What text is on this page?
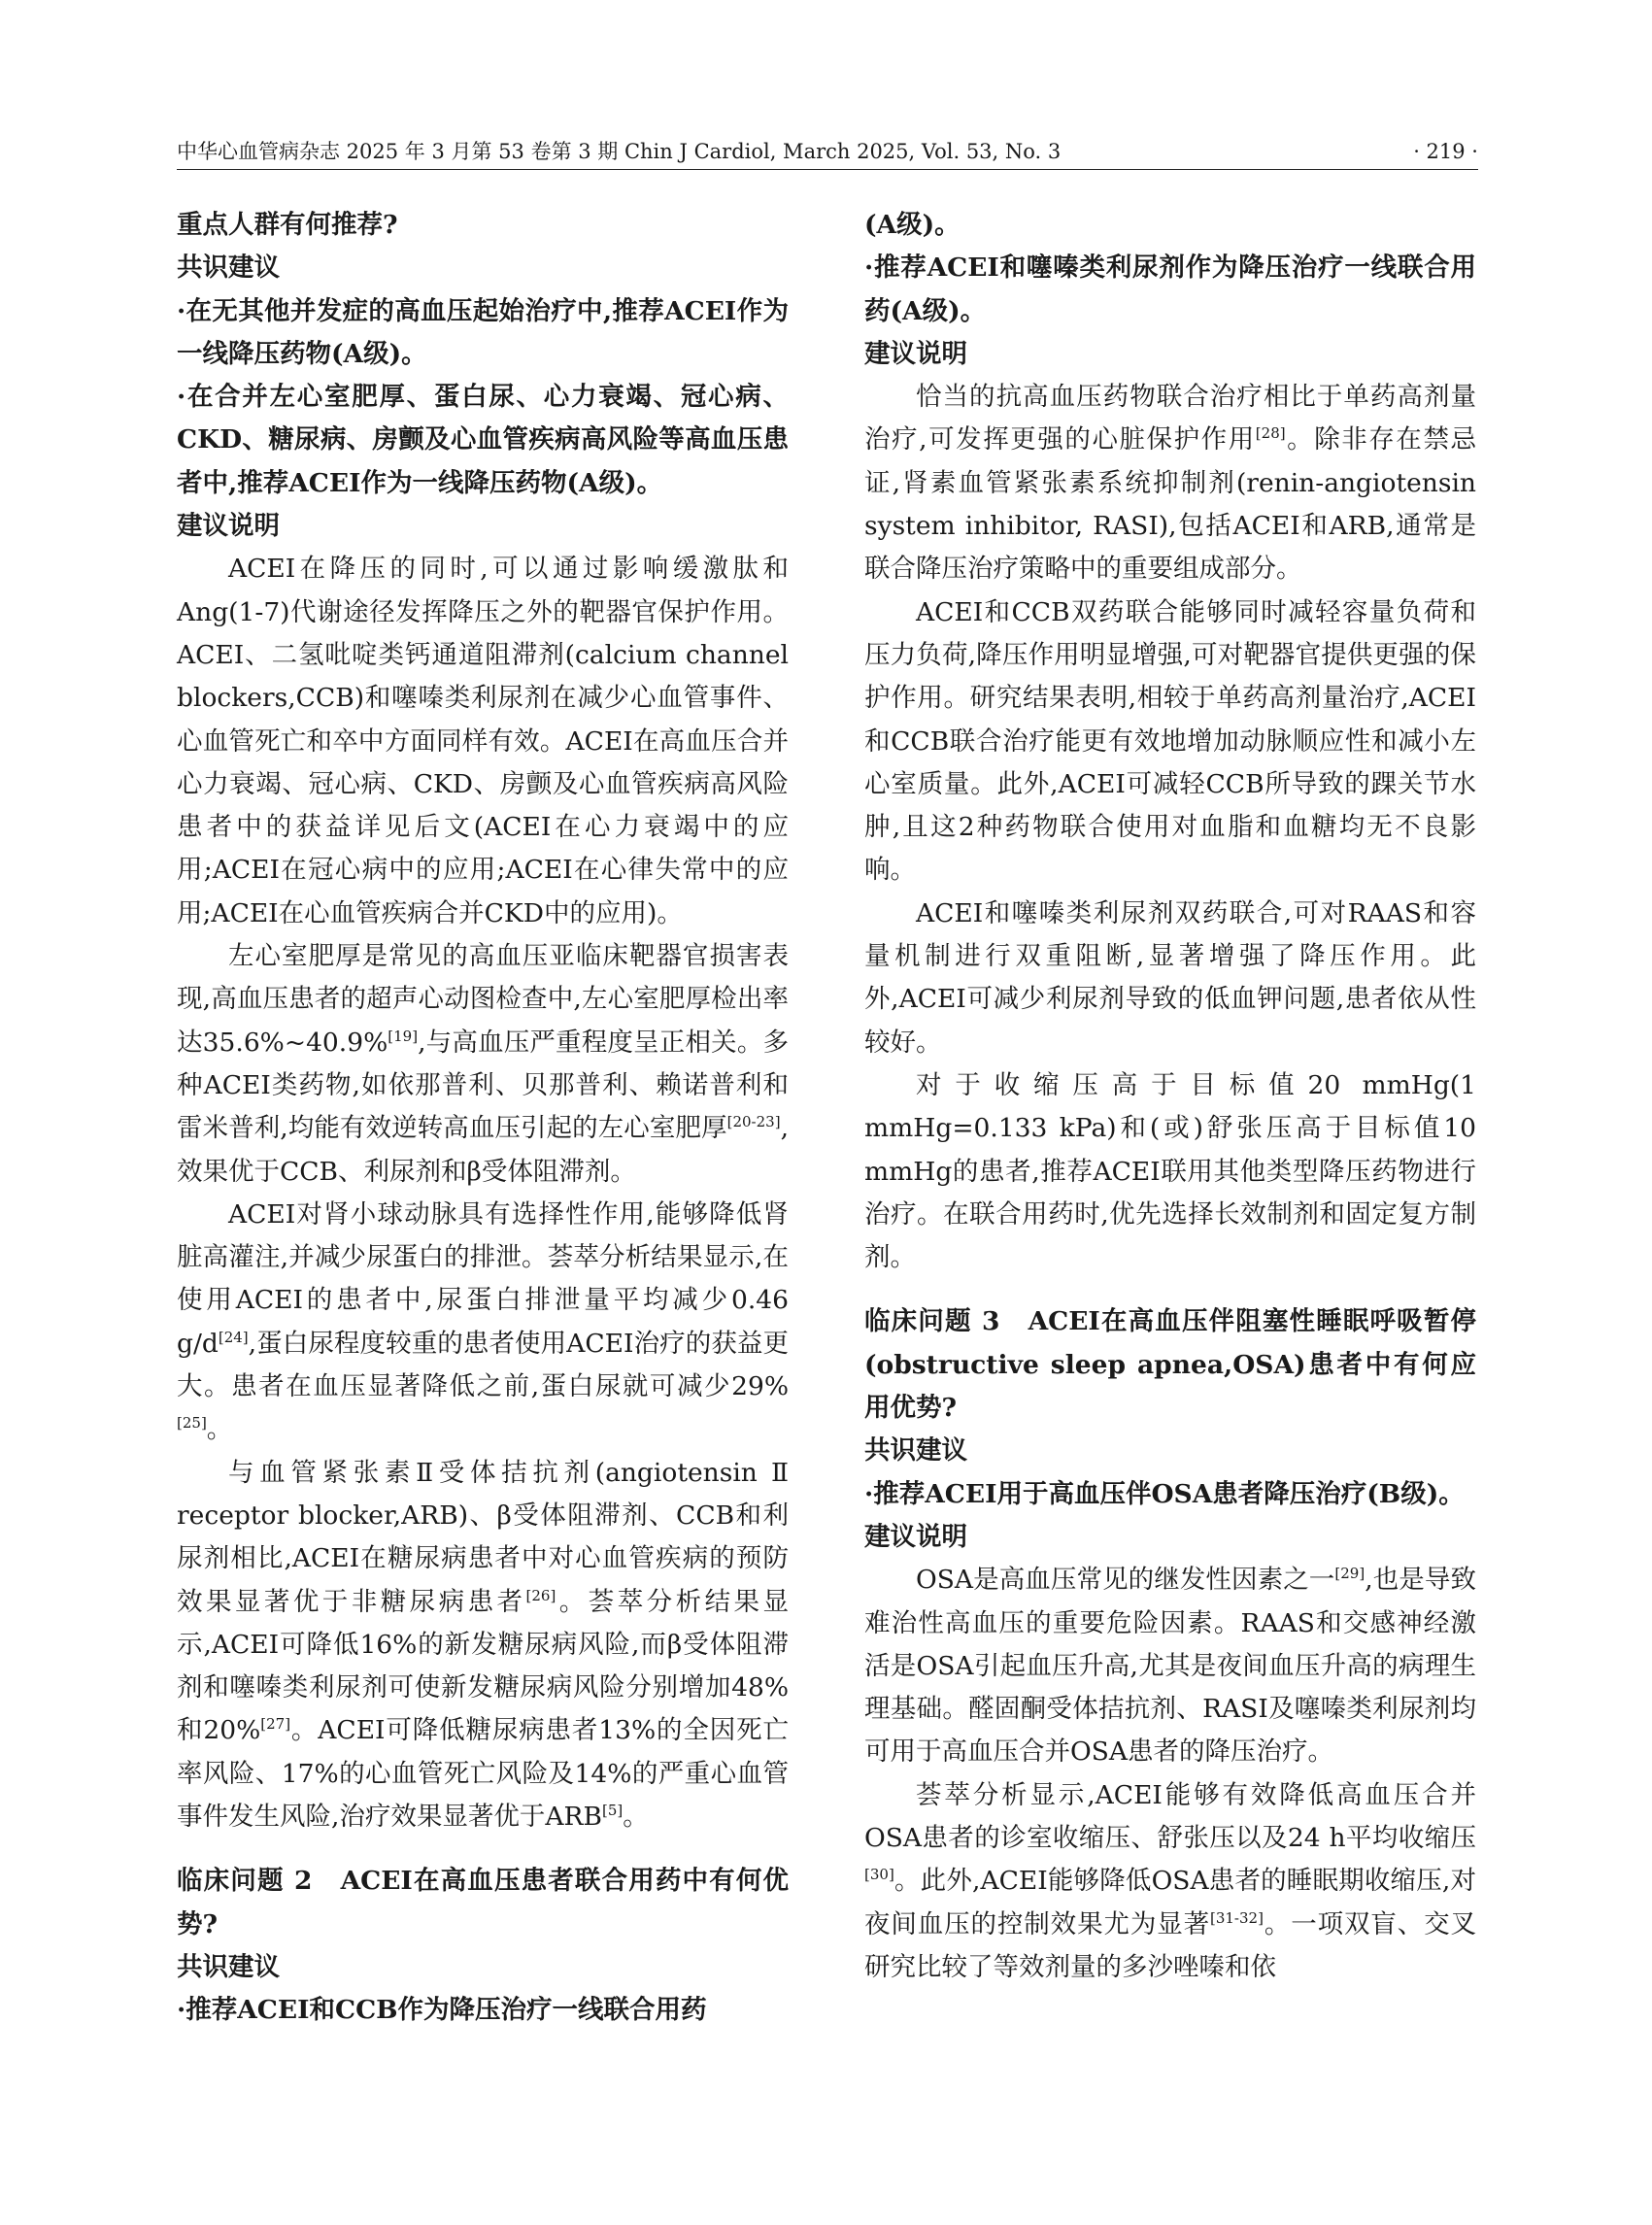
中华心血管病杂志 2025 年 3 月第 53 卷第 3 期 Chin J Cardiol, March 2025, Vol. 53, No. 3	· 219 ·

重点人群有何推荐?

共识建议

·在无其他并发症的高血压起始治疗中,推荐ACEI作为一线降压药物(A级)。

·在合并左心室肥厚、蛋白尿、心力衰竭、冠心病、CKD、糖尿病、房颤及心血管疾病高风险等高血压患者中,推荐ACEI作为一线降压药物(A级)。

建议说明

ACEI在降压的同时,可以通过影响缓激肽和Ang(1-7)代谢途径发挥降压之外的靶器官保护作用。ACEI、二氢吡啶类钙通道阻滞剂(calcium channel blockers,CCB)和噻嗪类利尿剂在减少心血管事件、心血管死亡和卒中方面同样有效。ACEI在高血压合并心力衰竭、冠心病、CKD、房颤及心血管疾病高风险患者中的获益详见后文(ACEI在心力衰竭中的应用;ACEI在冠心病中的应用;ACEI在心律失常中的应用;ACEI在心血管疾病合并CKD中的应用)。

左心室肥厚是常见的高血压亚临床靶器官损害表现,高血压患者的超声心动图检查中,左心室肥厚检出率达35.6%~40.9%[19],与高血压严重程度呈正相关。多种ACEI类药物,如依那普利、贝那普利、赖诺普利和雷米普利,均能有效逆转高血压引起的左心室肥厚[20-23],效果优于CCB、利尿剂和β受体阻滞剂。

ACEI对肾小球动脉具有选择性作用,能够降低肾脏高灌注,并减少尿蛋白的排泄。荟萃分析结果显示,在使用ACEI的患者中,尿蛋白排泄量平均减少0.46 g/d[24],蛋白尿程度较重的患者使用ACEI治疗的获益更大。患者在血压显著降低之前,蛋白尿就可减少29%[25]。

与血管紧张素Ⅱ受体拮抗剂(angiotensin Ⅱ receptor blocker,ARB)、β受体阻滞剂、CCB和利尿剂相比,ACEI在糖尿病患者中对心血管疾病的预防效果显著优于非糖尿病患者[26]。荟萃分析结果显示,ACEI可降低16%的新发糖尿病风险,而β受体阻滞剂和噻嗪类利尿剂可使新发糖尿病风险分别增加48%和20%[27]。ACEI可降低糖尿病患者13%的全因死亡率风险、17%的心血管死亡风险及14%的严重心血管事件发生风险,治疗效果显著优于ARB[5]。

临床问题 2 ACEI在高血压患者联合用药中有何优势?

共识建议

·推荐ACEI和CCB作为降压治疗一线联合用药

(A级)。

·推荐ACEI和噻嗪类利尿剂作为降压治疗一线联合用药(A级)。

建议说明

恰当的抗高血压药物联合治疗相比于单药高剂量治疗,可发挥更强的心脏保护作用[28]。除非存在禁忌证,肾素血管紧张素系统抑制剂(renin-angiotensin system inhibitor, RASI),包括ACEI和ARB,通常是联合降压治疗策略中的重要组成部分。

ACEI和CCB双药联合能够同时减轻容量负荷和压力负荷,降压作用明显增强,可对靶器官提供更强的保护作用。研究结果表明,相较于单药高剂量治疗,ACEI和CCB联合治疗能更有效地增加动脉顺应性和减小左心室质量。此外,ACEI可减轻CCB所导致的踝关节水肿,且这2种药物联合使用对血脂和血糖均无不良影响。

ACEI和噻嗪类利尿剂双药联合,可对RAAS和容量机制进行双重阻断,显著增强了降压作用。此外,ACEI可减少利尿剂导致的低血钾问题,患者依从性较好。

对于收缩压高于目标值20 mmHg(1 mmHg=0.133 kPa)和(或)舒张压高于目标值10 mmHg的患者,推荐ACEI联用其他类型降压药物进行治疗。在联合用药时,优先选择长效制剂和固定复方制剂。

临床问题 3 ACEI在高血压伴阻塞性睡眠呼吸暂停(obstructive sleep apnea,OSA)患者中有何应用优势?

共识建议

·推荐ACEI用于高血压伴OSA患者降压治疗(B级)。

建议说明

OSA是高血压常见的继发性因素之一[29],也是导致难治性高血压的重要危险因素。RAAS和交感神经激活是OSA引起血压升高,尤其是夜间血压升高的病理生理基础。醛固酮受体拮抗剂、RASI及噻嗪类利尿剂均可用于高血压合并OSA患者的降压治疗。

荟萃分析显示,ACEI能够有效降低高血压合并OSA患者的诊室收缩压、舒张压以及24 h平均收缩压[30]。此外,ACEI能够降低OSA患者的睡眠期收缩压,对夜间血压的控制效果尤为显著[31-32]。一项双盲、交叉研究比较了等效剂量的多沙唑嗪和依
